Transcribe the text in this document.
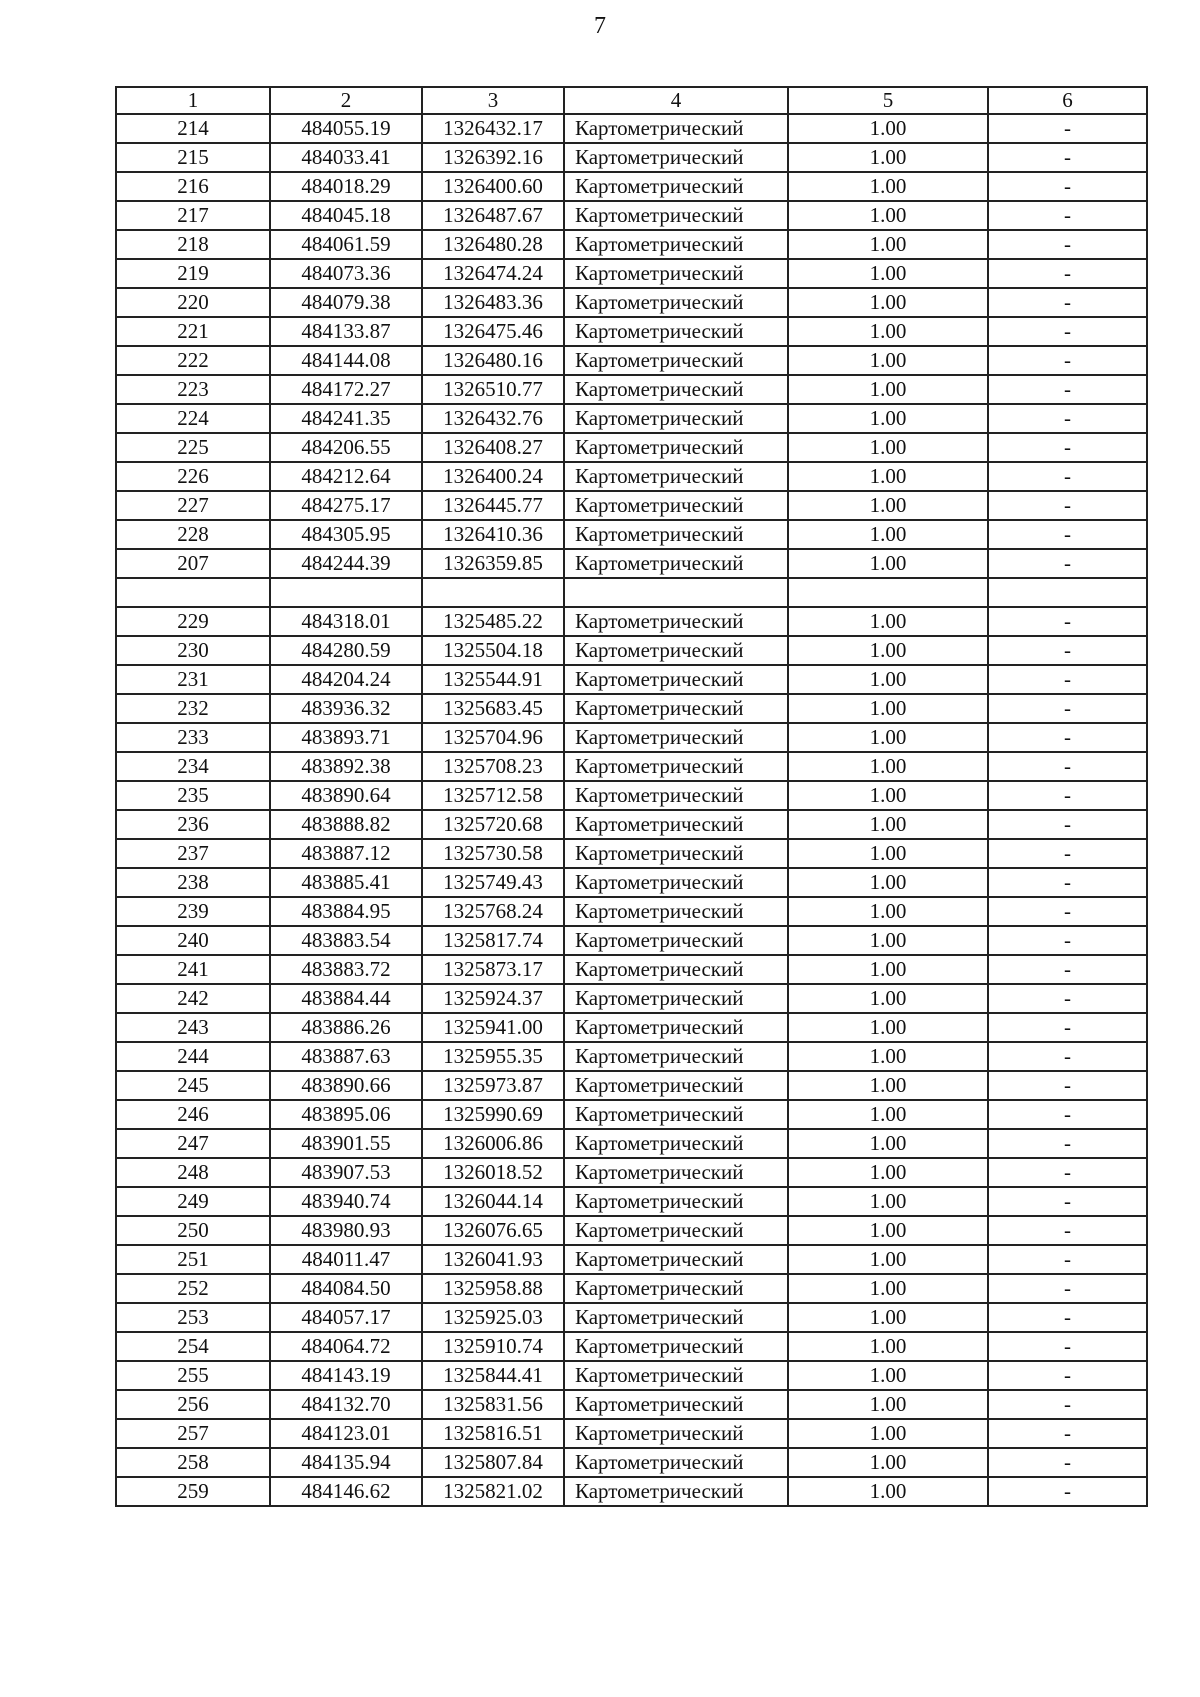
7
1	2	3	4	5	6
214	484055.19	1326432.17	Картометрический	1.00	-
215	484033.41	1326392.16	Картометрический	1.00	-
216	484018.29	1326400.60	Картометрический	1.00	-
217	484045.18	1326487.67	Картометрический	1.00	-
218	484061.59	1326480.28	Картометрический	1.00	-
219	484073.36	1326474.24	Картометрический	1.00	-
220	484079.38	1326483.36	Картометрический	1.00	-
221	484133.87	1326475.46	Картометрический	1.00	-
222	484144.08	1326480.16	Картометрический	1.00	-
223	484172.27	1326510.77	Картометрический	1.00	-
224	484241.35	1326432.76	Картометрический	1.00	-
225	484206.55	1326408.27	Картометрический	1.00	-
226	484212.64	1326400.24	Картометрический	1.00	-
227	484275.17	1326445.77	Картометрический	1.00	-
228	484305.95	1326410.36	Картометрический	1.00	-
207	484244.39	1326359.85	Картометрический	1.00	-

229	484318.01	1325485.22	Картометрический	1.00	-
230	484280.59	1325504.18	Картометрический	1.00	-
231	484204.24	1325544.91	Картометрический	1.00	-
232	483936.32	1325683.45	Картометрический	1.00	-
233	483893.71	1325704.96	Картометрический	1.00	-
234	483892.38	1325708.23	Картометрический	1.00	-
235	483890.64	1325712.58	Картометрический	1.00	-
236	483888.82	1325720.68	Картометрический	1.00	-
237	483887.12	1325730.58	Картометрический	1.00	-
238	483885.41	1325749.43	Картометрический	1.00	-
239	483884.95	1325768.24	Картометрический	1.00	-
240	483883.54	1325817.74	Картометрический	1.00	-
241	483883.72	1325873.17	Картометрический	1.00	-
242	483884.44	1325924.37	Картометрический	1.00	-
243	483886.26	1325941.00	Картометрический	1.00	-
244	483887.63	1325955.35	Картометрический	1.00	-
245	483890.66	1325973.87	Картометрический	1.00	-
246	483895.06	1325990.69	Картометрический	1.00	-
247	483901.55	1326006.86	Картометрический	1.00	-
248	483907.53	1326018.52	Картометрический	1.00	-
249	483940.74	1326044.14	Картометрический	1.00	-
250	483980.93	1326076.65	Картометрический	1.00	-
251	484011.47	1326041.93	Картометрический	1.00	-
252	484084.50	1325958.88	Картометрический	1.00	-
253	484057.17	1325925.03	Картометрический	1.00	-
254	484064.72	1325910.74	Картометрический	1.00	-
255	484143.19	1325844.41	Картометрический	1.00	-
256	484132.70	1325831.56	Картометрический	1.00	-
257	484123.01	1325816.51	Картометрический	1.00	-
258	484135.94	1325807.84	Картометрический	1.00	-
259	484146.62	1325821.02	Картометрический	1.00	-
